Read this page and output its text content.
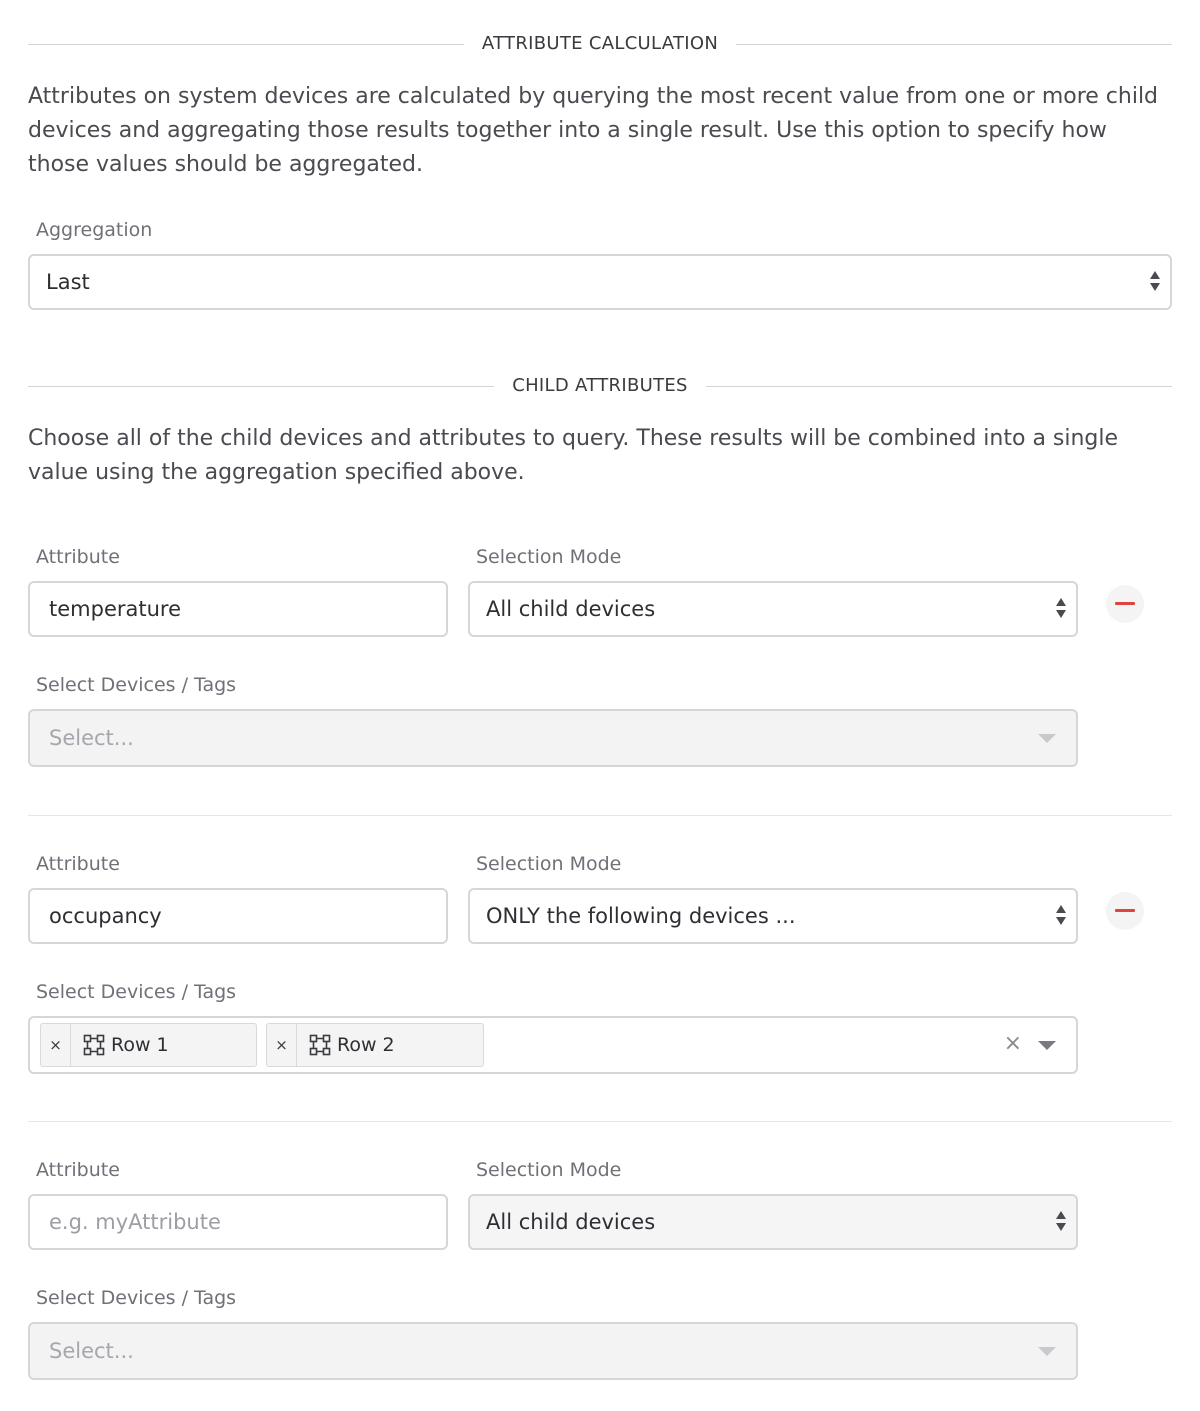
ATTRIBUTE CALCULATION

Attributes on system devices are calculated by querying the most recent value from one or more child devices and aggregating those results together into a single result. Use this option to specify how those values should be aggregated.

Aggregation
Last
CHILD ATTRIBUTES

Choose all of the child devices and attributes to query. These results will be combined into a single value using the aggregation specified above.

Attribute	Selection Mode
temperature	All child devices
Select Devices / Tags
Select...
Attribute	Selection Mode
occupancy	ONLY the following devices ...
Select Devices / Tags
×	Row 1	×	Row 2	×
Attribute	Selection Mode
e.g. myAttribute	All child devices
Select Devices / Tags
Select...
